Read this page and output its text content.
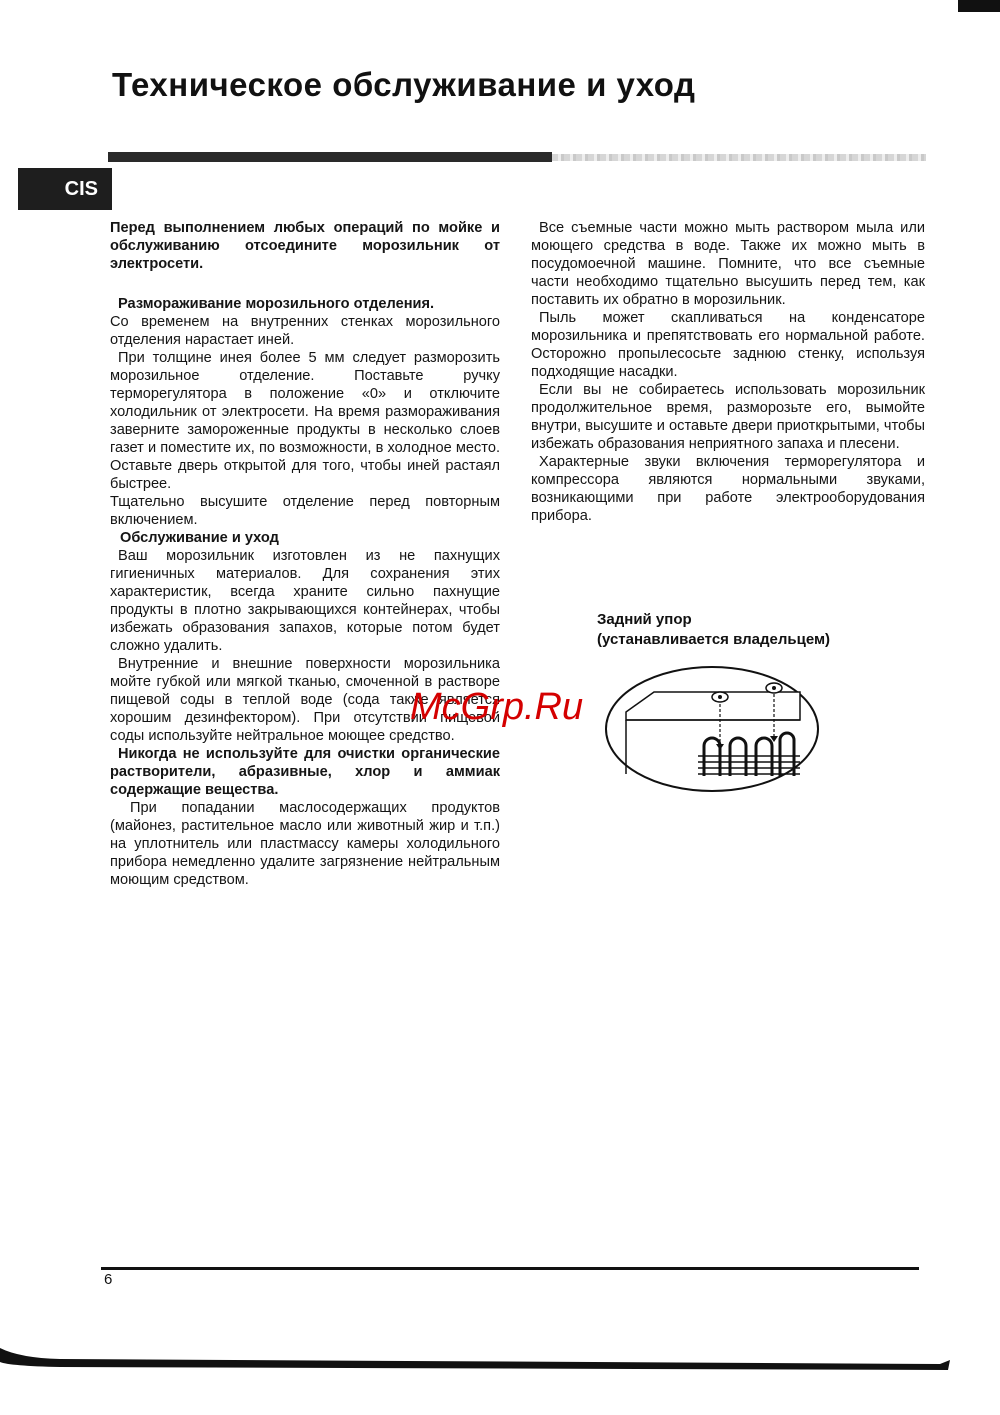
Техническое обслуживание и уход
CIS

Перед выполнением любых операций по мойке и обслуживанию отсоедините морозильник от электросети.

Размораживание морозильного отделения.

Со временем на внутренних стенках морозильного отделения нарастает иней.

При толщине инея более 5 мм следует разморозить морозильное отделение. Поставьте ручку терморегулятора в положение «0» и отключите холодильник от электросети. На время размораживания заверните замороженные продукты в несколько слоев газет и поместите их, по возможности, в холодное место. Оставьте дверь открытой для того, чтобы иней растаял быстрее.

Тщательно высушите отделение перед повторным включением.

Обслуживание и уход

Ваш морозильник изготовлен из не пахнущих гигиеничных материалов. Для сохранения этих характеристик, всегда храните сильно пахнущие продукты в плотно закрывающихся контейнерах, чтобы избежать образования запахов, которые потом будет сложно удалить.

Внутренние и внешние поверхности морозильника мойте губкой или мягкой тканью, смоченной в растворе пищевой соды в теплой воде (сода также является хорошим дезинфектором). При отсутствии пищевой соды используйте нейтральное моющее средство.

Никогда не используйте для очистки органические растворители, абразивные, хлор и аммиак содержащие вещества.

При попадании маслосодержащих продуктов (майонез, растительное масло или животный жир и т.п.) на уплотнитель или пластмассу камеры холодильного прибора немедленно удалите загрязнение нейтральным моющим средством.

Все съемные части можно мыть раствором мыла или моющего средства в воде. Также их можно мыть в посудомоечной машине. Помните, что все съемные части необходимо тщательно высушить перед тем, как поставить их обратно в морозильник.

Пыль может скапливаться на конденсаторе морозильника и препятствовать его нормальной работе. Осторожно пропылесосьте заднюю стенку, используя подходящие насадки.

Если вы не собираетесь использовать морозильник продолжительное время, разморозьте его, вымойте внутри, высушите и оставьте двери приоткрытыми, чтобы избежать образования неприятного запаха и плесени.

Характерные звуки включения терморегулятора и компрессора являются нормальными звуками, возникающими при работе электрооборудования прибора.

Задний упор
(устанавливается владельцем)
McGrp.Ru
6
